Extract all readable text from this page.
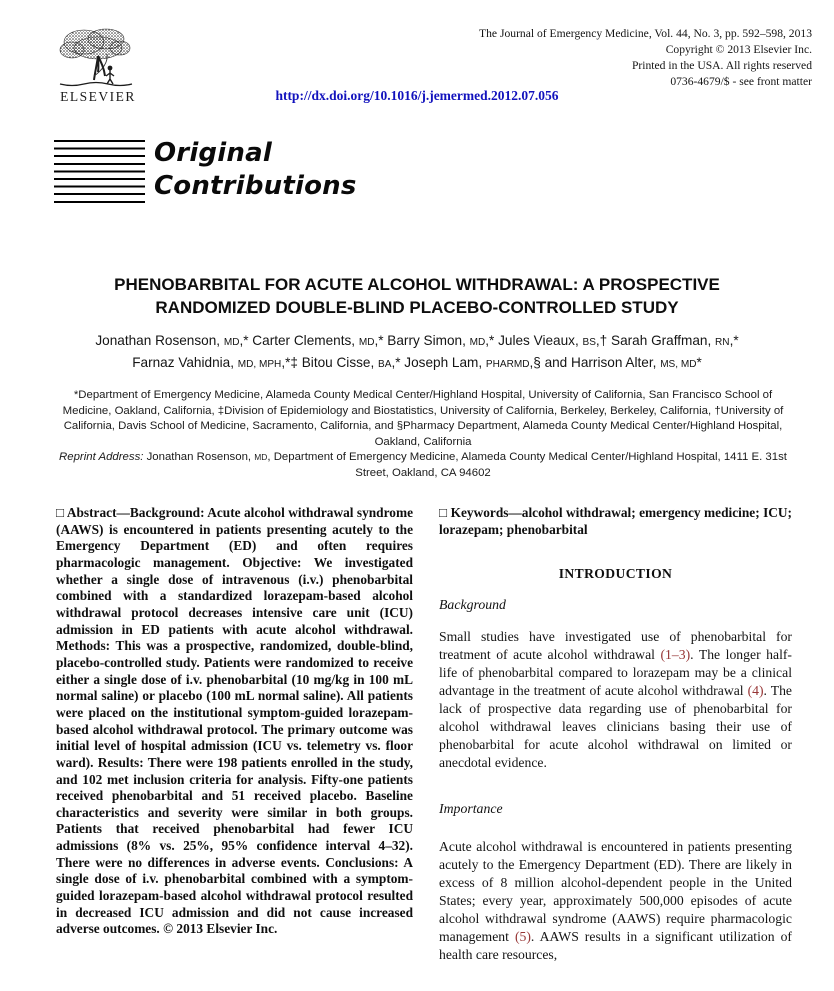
ELSEVIER
The Journal of Emergency Medicine, Vol. 44, No. 3, pp. 592–598, 2013
Copyright © 2013 Elsevier Inc.
Printed in the USA. All rights reserved
0736-4679/$ - see front matter
http://dx.doi.org/10.1016/j.jemermed.2012.07.056
Original
Contributions
PHENOBARBITAL FOR ACUTE ALCOHOL WITHDRAWAL: A PROSPECTIVE
RANDOMIZED DOUBLE-BLIND PLACEBO-CONTROLLED STUDY
Jonathan Rosenson, MD,* Carter Clements, MD,* Barry Simon, MD,* Jules Vieaux, BS,† Sarah Graffman, RN,*
Farnaz Vahidnia, MD, MPH,*‡ Bitou Cisse, BA,* Joseph Lam, PHARMD,§ and Harrison Alter, MS, MD*
*Department of Emergency Medicine, Alameda County Medical Center/Highland Hospital, University of California, San Francisco School of Medicine, Oakland, California, ‡Division of Epidemiology and Biostatistics, University of California, Berkeley, Berkeley, California, †University of California, Davis School of Medicine, Sacramento, California, and §Pharmacy Department, Alameda County Medical Center/Highland Hospital, Oakland, California
Reprint Address: Jonathan Rosenson, MD, Department of Emergency Medicine, Alameda County Medical Center/Highland Hospital, 1411 E. 31st Street, Oakland, CA 94602

□ Abstract—Background: Acute alcohol withdrawal syndrome (AAWS) is encountered in patients presenting acutely to the Emergency Department (ED) and often requires pharmacologic management. Objective: We investigated whether a single dose of intravenous (i.v.) phenobarbital combined with a standardized lorazepam-based alcohol withdrawal protocol decreases intensive care unit (ICU) admission in ED patients with acute alcohol withdrawal. Methods: This was a prospective, randomized, double-blind, placebo-controlled study. Patients were randomized to receive either a single dose of i.v. phenobarbital (10 mg/kg in 100 mL normal saline) or placebo (100 mL normal saline). All patients were placed on the institutional symptom-guided lorazepam-based alcohol withdrawal protocol. The primary outcome was initial level of hospital admission (ICU vs. telemetry vs. floor ward). Results: There were 198 patients enrolled in the study, and 102 met inclusion criteria for analysis. Fifty-one patients received phenobarbital and 51 received placebo. Baseline characteristics and severity were similar in both groups. Patients that received phenobarbital had fewer ICU admissions (8% vs. 25%, 95% confidence interval 4–32). There were no differences in adverse events. Conclusions: A single dose of i.v. phenobarbital combined with a symptom-guided lorazepam-based alcohol withdrawal protocol resulted in decreased ICU admission and did not cause increased adverse outcomes. © 2013 Elsevier Inc.

□ Keywords—alcohol withdrawal; emergency medicine; ICU; lorazepam; phenobarbital

INTRODUCTION
Background

Small studies have investigated use of phenobarbital for treatment of acute alcohol withdrawal (1–3). The longer half-life of phenobarbital compared to lorazepam may be a clinical advantage in the treatment of acute alcohol withdrawal (4). The lack of prospective data regarding use of phenobarbital for alcohol withdrawal leaves clinicians basing their use of phenobarbital for acute alcohol withdrawal on limited or anecdotal evidence.

Importance

Acute alcohol withdrawal is encountered in patients presenting acutely to the Emergency Department (ED). There are likely in excess of 8 million alcohol-dependent people in the United States; every year, approximately 500,000 episodes of acute alcohol withdrawal syndrome (AAWS) require pharmacologic management (5). AAWS results in a significant utilization of health care resources,
